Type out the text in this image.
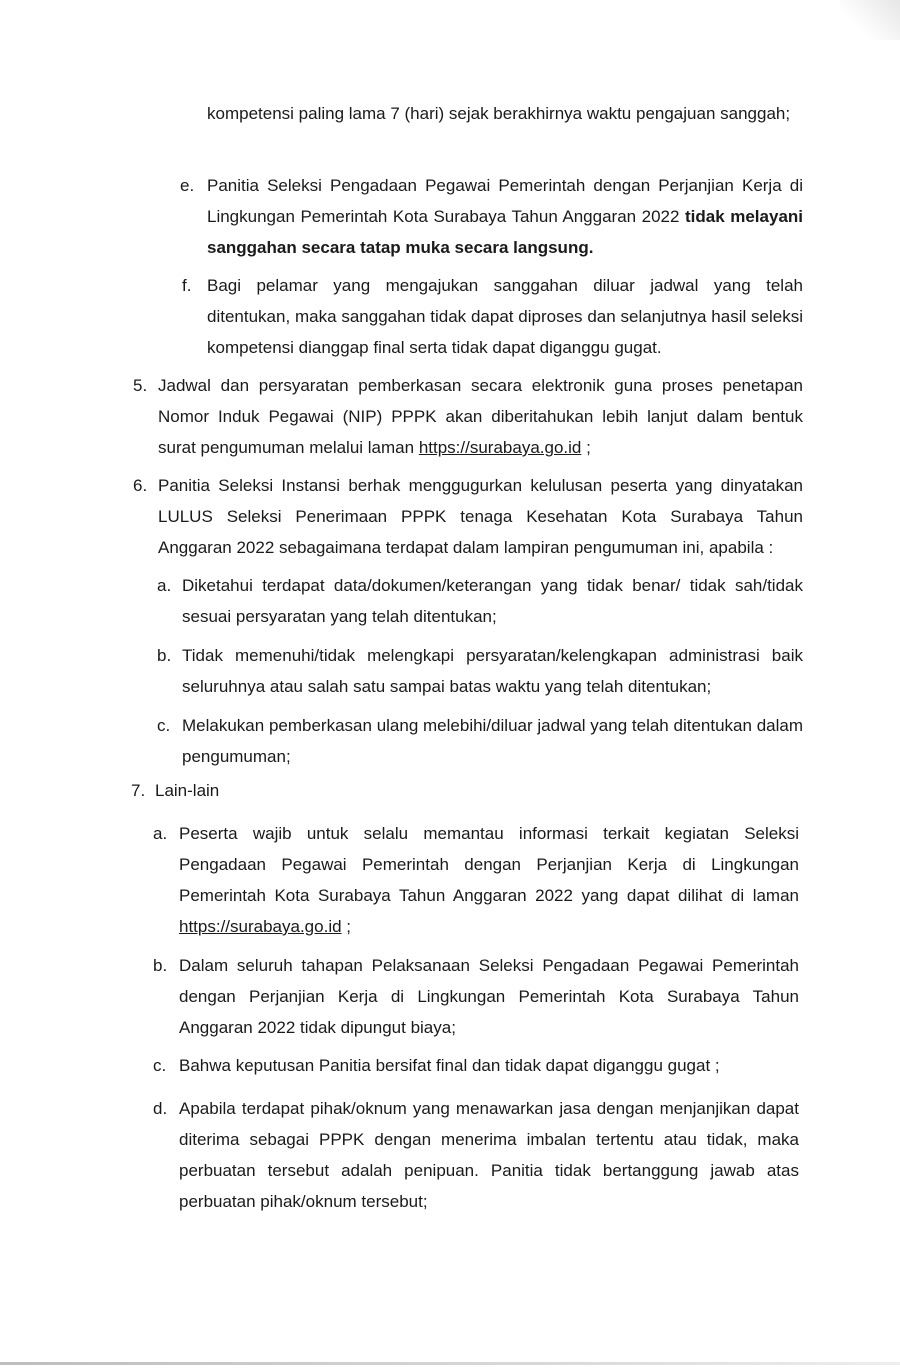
kompetensi paling lama 7 (hari) sejak berakhirnya waktu pengajuan sanggah;
e. Panitia Seleksi Pengadaan Pegawai Pemerintah dengan Perjanjian Kerja di Lingkungan Pemerintah Kota Surabaya Tahun Anggaran 2022 tidak melayani sanggahan secara tatap muka secara langsung.
f. Bagi pelamar yang mengajukan sanggahan diluar jadwal yang telah ditentukan, maka sanggahan tidak dapat diproses dan selanjutnya hasil seleksi kompetensi dianggap final serta tidak dapat diganggu gugat.
5. Jadwal dan persyaratan pemberkasan secara elektronik guna proses penetapan Nomor Induk Pegawai (NIP) PPPK akan diberitahukan lebih lanjut dalam bentuk surat pengumuman melalui laman https://surabaya.go.id ;
6. Panitia Seleksi Instansi berhak menggugurkan kelulusan peserta yang dinyatakan LULUS Seleksi Penerimaan PPPK tenaga Kesehatan Kota Surabaya Tahun Anggaran 2022 sebagaimana terdapat dalam lampiran pengumuman ini, apabila :
a. Diketahui terdapat data/dokumen/keterangan yang tidak benar/ tidak sah/tidak sesuai persyaratan yang telah ditentukan;
b. Tidak memenuhi/tidak melengkapi persyaratan/kelengkapan administrasi baik seluruhnya atau salah satu sampai batas waktu yang telah ditentukan;
c. Melakukan pemberkasan ulang melebihi/diluar jadwal yang telah ditentukan dalam pengumuman;
7. Lain-lain
a. Peserta wajib untuk selalu memantau informasi terkait kegiatan Seleksi Pengadaan Pegawai Pemerintah dengan Perjanjian Kerja di Lingkungan Pemerintah Kota Surabaya Tahun Anggaran 2022 yang dapat dilihat di laman https://surabaya.go.id ;
b. Dalam seluruh tahapan Pelaksanaan Seleksi Pengadaan Pegawai Pemerintah dengan Perjanjian Kerja di Lingkungan Pemerintah Kota Surabaya Tahun Anggaran 2022 tidak dipungut biaya;
c. Bahwa keputusan Panitia bersifat final dan tidak dapat diganggu gugat ;
d. Apabila terdapat pihak/oknum yang menawarkan jasa dengan menjanjikan dapat diterima sebagai PPPK dengan menerima imbalan tertentu atau tidak, maka perbuatan tersebut adalah penipuan. Panitia tidak bertanggung jawab atas perbuatan pihak/oknum tersebut;
